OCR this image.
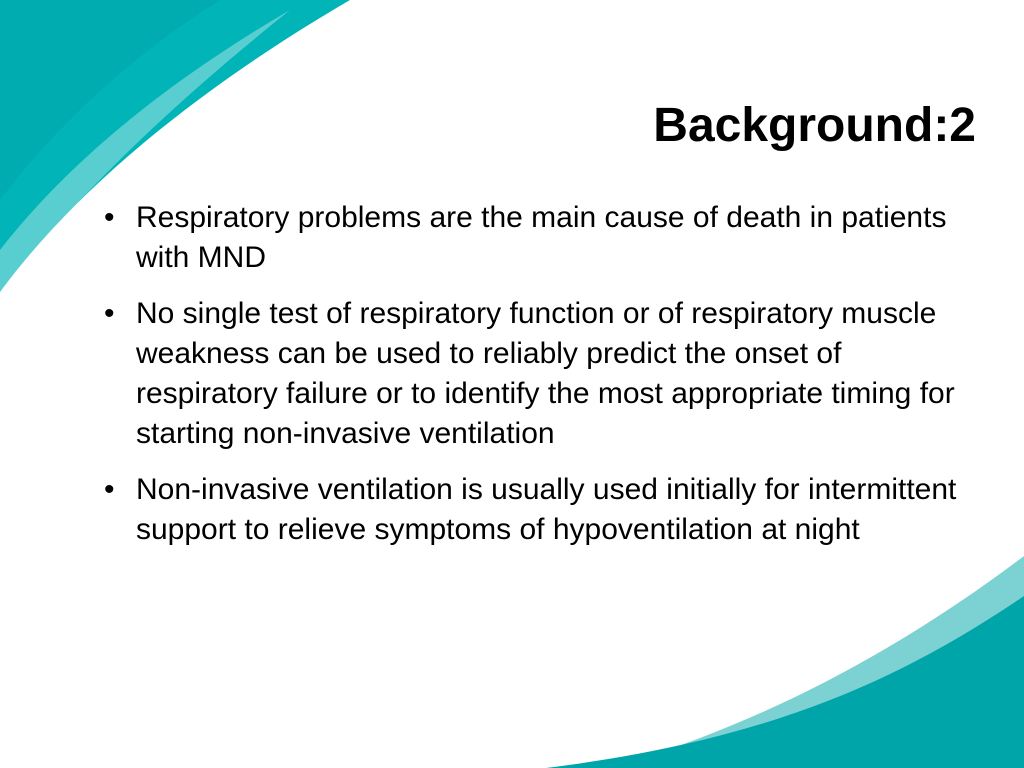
Background:2
• Respiratory problems are the main cause of death in patients with MND
• No single test of respiratory function or of respiratory muscle weakness can be used to reliably predict the onset of respiratory failure or to identify the most appropriate timing for starting non-invasive ventilation
• Non-invasive ventilation is usually used initially for intermittent support to relieve symptoms of hypoventilation at night
